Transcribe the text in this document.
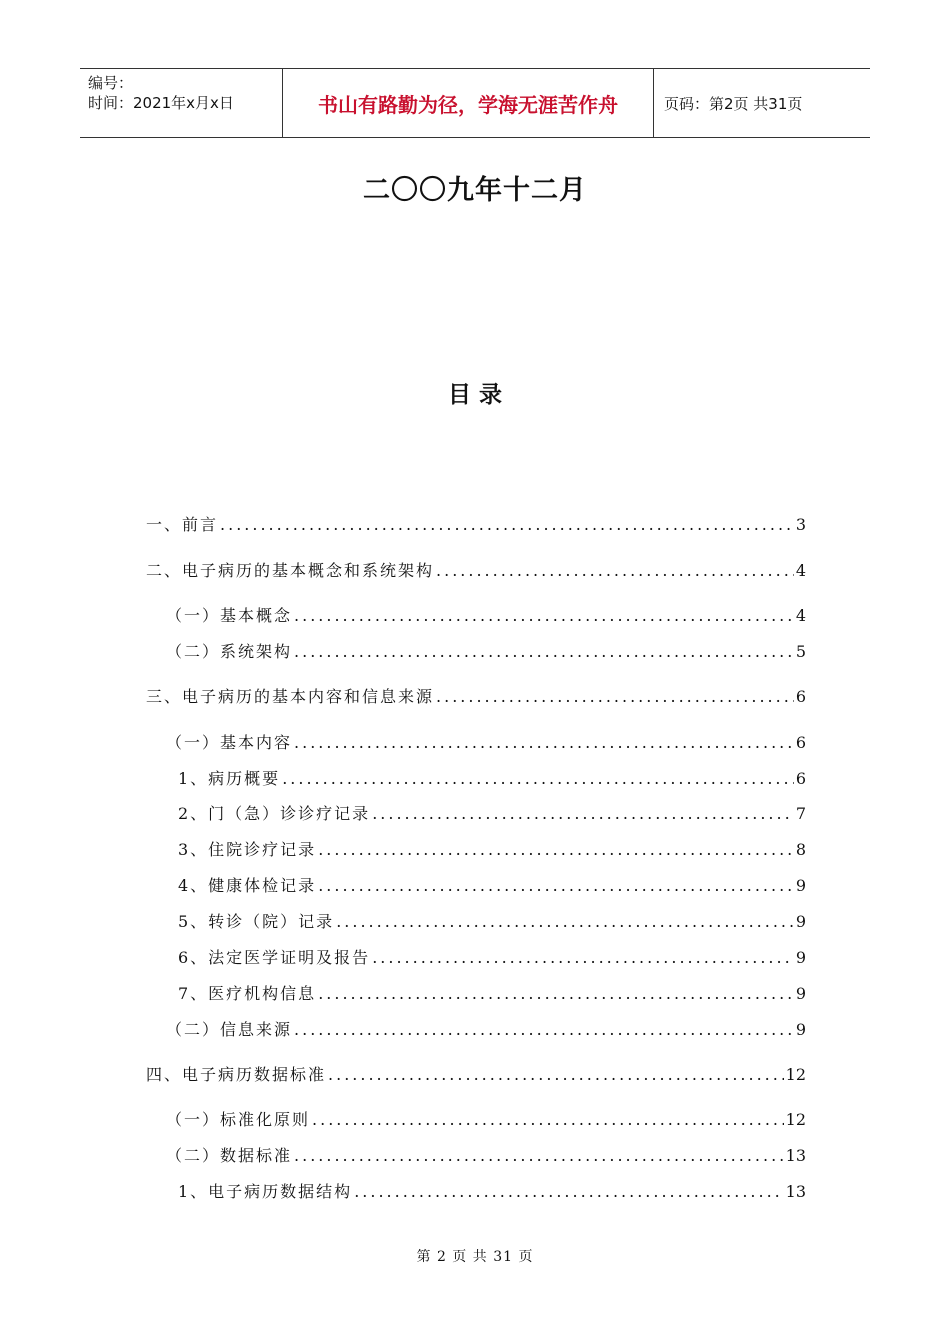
编号：
时间：2021年x月x日	书山有路勤为径，学海无涯苦作舟	页码：第2页 共31页
二〇〇九年十二月
目 录
一、前言 .....	3
二、电子病历的基本概念和系统架构 .....	4
（一）基本概念 .....	4
（二）系统架构 .....	5
三、电子病历的基本内容和信息来源 .....	6
（一）基本内容 .....	6
1、病历概要 .....	6
2、门（急）诊诊疗记录 .....	7
3、住院诊疗记录 .....	8
4、健康体检记录 .....	9
5、转诊（院）记录 .....	9
6、法定医学证明及报告 .....	9
7、医疗机构信息 .....	9
（二）信息来源 .....	9
四、电子病历数据标准 .....	12
（一）标准化原则 .....	12
（二）数据标准 .....	13
1、电子病历数据结构 .....	13
第 2 页 共 31 页
